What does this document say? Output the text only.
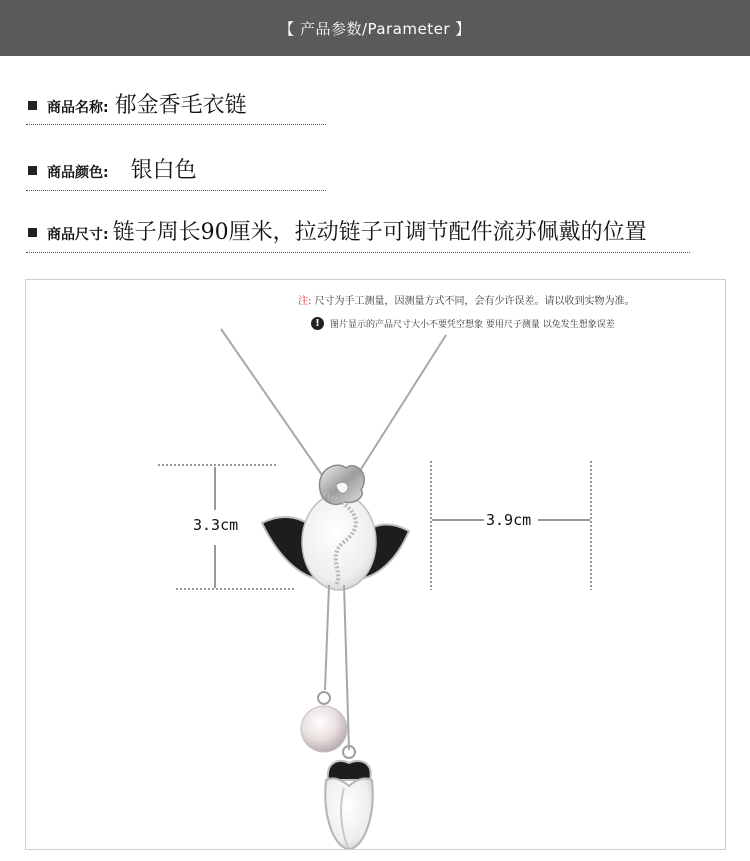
【 产品参数/Parameter 】
商品名称: 郁金香毛衣链
商品颜色: 银白色
商品尺寸: 链子周长90厘米，拉动链子可调节配件流苏佩戴的位置
注: 尺寸为手工测量，因测量方式不同，会有少许误差。请以收到实物为准。
!	图片显示的产品尺寸大小不要凭空想象 要用尺子测量 以免发生想象误差
3.3cm	3.9cm
